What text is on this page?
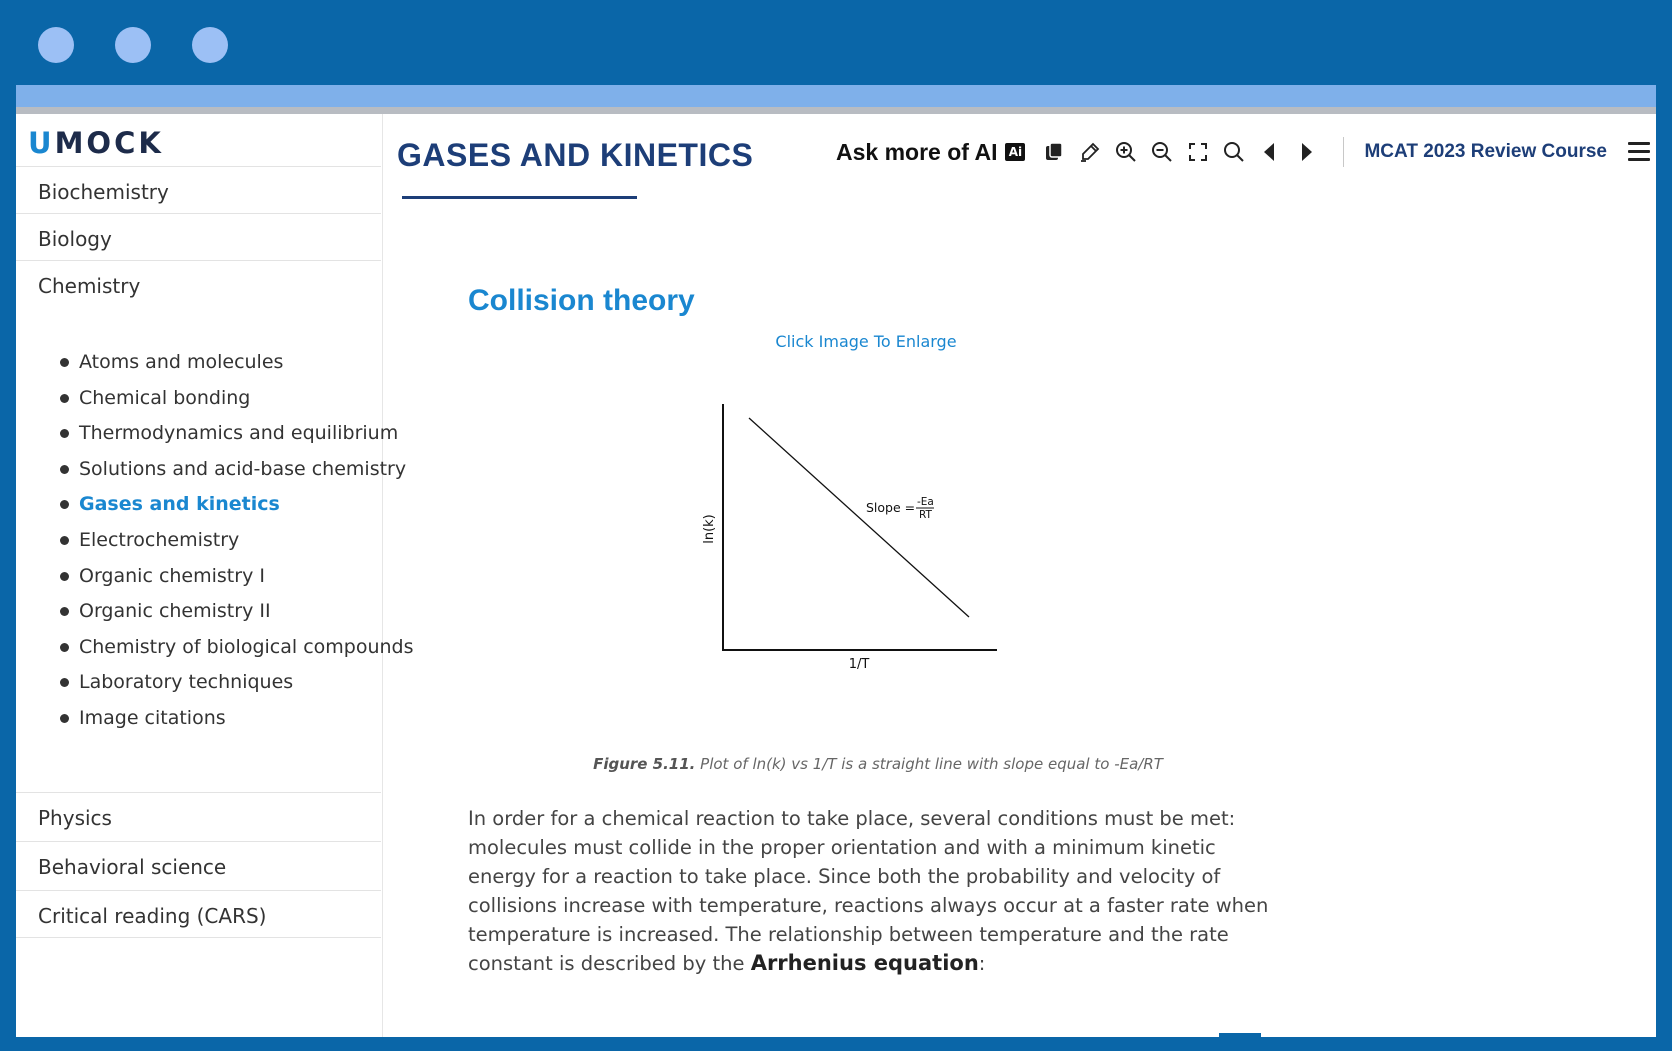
UMOCK
Biochemistry
Biology
Chemistry
Atoms and molecules
Chemical bonding
Thermodynamics and equilibrium
Solutions and acid-base chemistry
Gases and kinetics
Electrochemistry
Organic chemistry I
Organic chemistry II
Chemistry of biological compounds
Laboratory techniques
Image citations
Physics
Behavioral science
Critical reading (CARS)
GASES AND KINETICS	Ask more of AI Ai	MCAT 2023 Review Course
Collision theory
Click Image To Enlarge
Slope = -Ea
RT
1/T
ln(k)
Figure 5.11. Plot of ln(k) vs 1/T is a straight line with slope equal to -Ea/RT
In order for a chemical reaction to take place, several conditions must be met: molecules must collide in the proper orientation and with a minimum kinetic energy for a reaction to take place. Since both the probability and velocity of collisions increase with temperature, reactions always occur at a faster rate when temperature is increased. The relationship between temperature and the rate constant is described by the Arrhenius equation:
